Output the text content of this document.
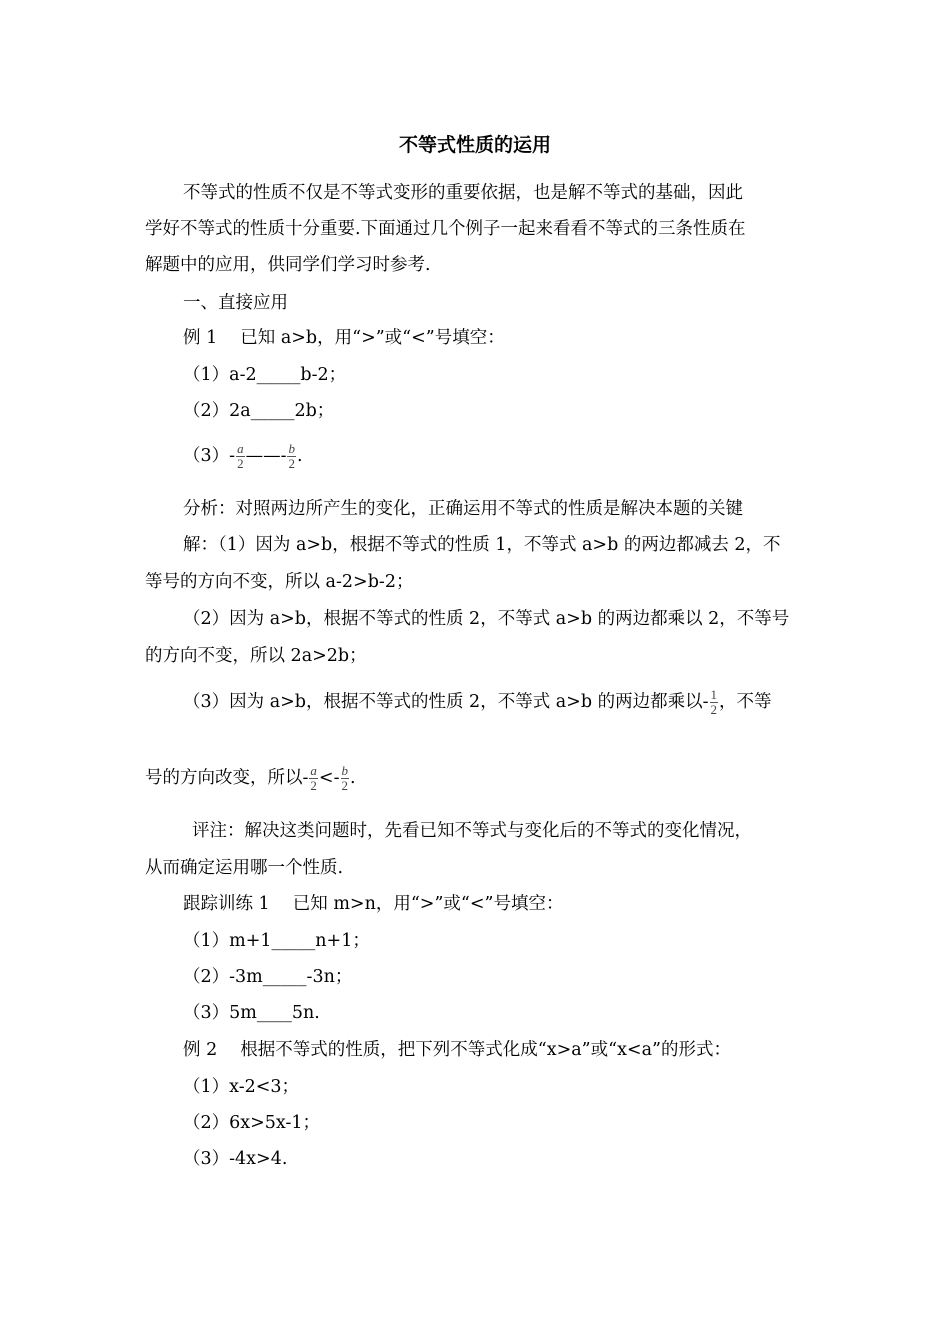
不等式性质的运用
不等式的性质不仅是不等式变形的重要依据，也是解不等式的基础，因此
学好不等式的性质十分重要.下面通过几个例子一起来看看不等式的三条性质在
解题中的应用，供同学们学习时参考.
一、直接应用
例 1　 已知 a>b，用“>”或“<”号填空：
（1）a-2_____b-2；
（2）2a_____2b；
$(3)- \frac{a}{2}$ ——- $\frac{b}{2}$ .
分析：对照两边所产生的变化，正确运用不等式的性质是解决本题的关键
解：（1）因为 a>b，根据不等式的性质 1，不等式 a>b 的两边都减去 2，不
等号的方向不变，所以 a-2>b-2；
（2）因为 a>b，根据不等式的性质 2，不等式 a>b 的两边都乘以 2，不等号
的方向不变，所以 2a>2b；
（3）因为 a>b，根据不等式的性质 2，不等式 a>b 的两边都乘以- $\frac{1}{2}$ ，不等
号的方向改变，所以- $\frac{a}{2} <- \frac{b}{2}$ .
评注：解决这类问题时，先看已知不等式与变化后的不等式的变化情况，
从而确定运用哪一个性质.
跟踪训练 1　 已知 m>n，用“>”或“<”号填空：
（1）m+1_____n+1；
（2）-3m_____-3n；
（3）5m____5n.
例 2　 根据不等式的性质，把下列不等式化成“x>a”或“x<a”的形式：
（1）x-2<3；
（2）6x>5x-1；
（3）-4x>4.
